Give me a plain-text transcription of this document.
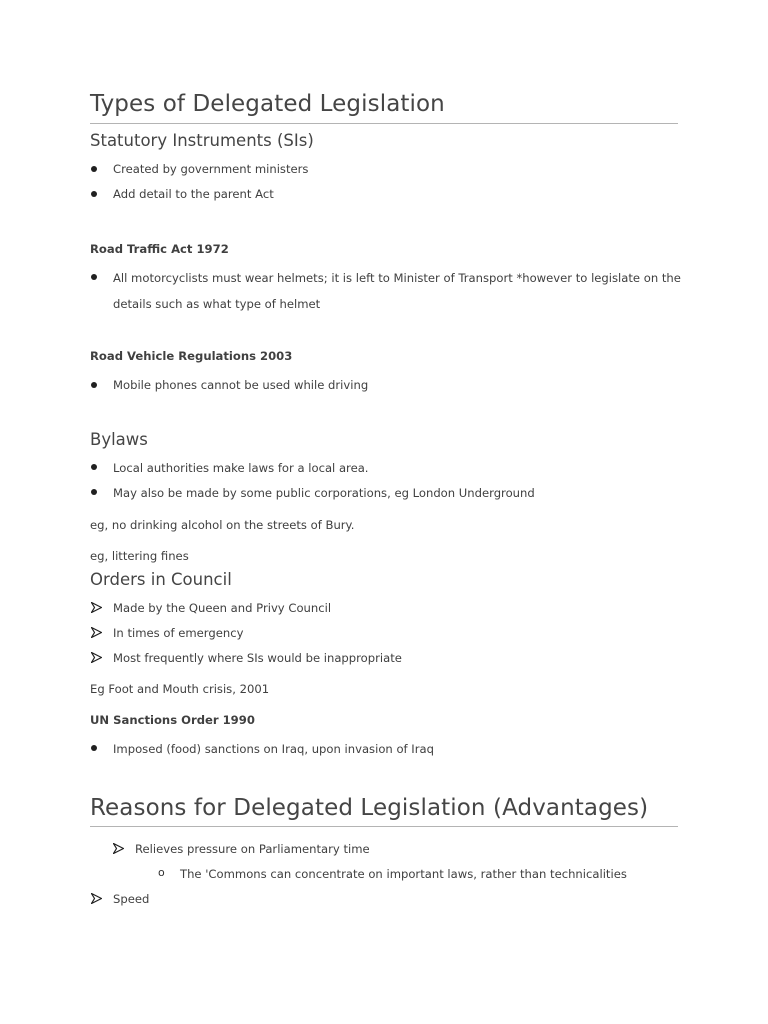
Types of Delegated Legislation
Statutory Instruments (SIs)
Created by government ministers
Add detail to the parent Act
Road Traffic Act 1972
All motorcyclists must wear helmets; it is left to Minister of Transport *however to legislate on the
details such as what type of helmet
Road Vehicle Regulations 2003
Mobile phones cannot be used while driving
Bylaws
Local authorities make laws for a local area.
May also be made by some public corporations, eg London Underground
eg, no drinking alcohol on the streets of Bury.
eg, littering fines
Orders in Council
Made by the Queen and Privy Council
In times of emergency
Most frequently where SIs would be inappropriate
Eg Foot and Mouth crisis, 2001
UN Sanctions Order 1990
Imposed (food) sanctions on Iraq, upon invasion of Iraq
Reasons for Delegated Legislation (Advantages)
Relieves pressure on Parliamentary time
o The 'Commons can concentrate on important laws, rather than technicalities
Speed
